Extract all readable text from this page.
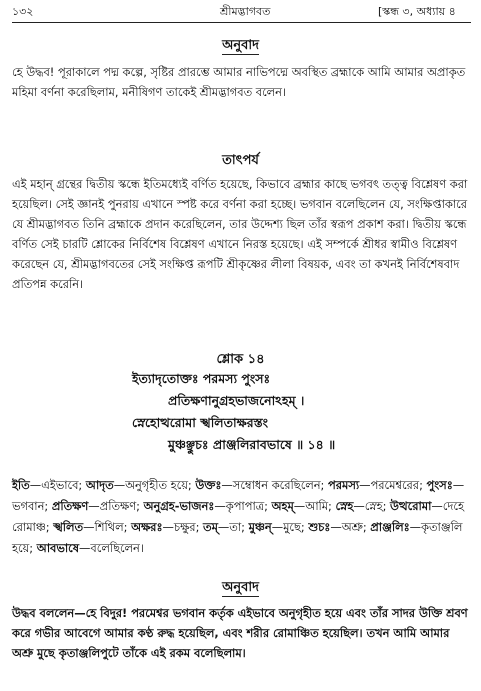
১৩২	শ্রীমদ্ভাগবত	[স্কন্ধ ৩, অধ্যায় ৪
অনুবাদ
হে উদ্ধব! পূরাকালে পদ্ম কল্পে, সৃষ্টির প্রারম্ভে আমার নাভিপদ্মে অবস্থিত ব্রহ্মাকে আমি আমার অপ্রাকৃত মহিমা বর্ণনা করেছিলাম, মনীষিগণ তাকেই শ্রীমদ্ভাগবত বলেন।
তাৎপর্য
এই মহান্ গ্রন্থের দ্বিতীয় স্কন্ধে ইতিমধ্যেই বর্ণিত হয়েছে, কিভাবে ব্রহ্মার কাছে ভগবৎ তত্ত্ব বিশ্লেষণ করা হয়েছিল। সেই জ্ঞানই পুনরায় এখানে স্পষ্ট করে বর্ণনা করা হচ্ছে। ভগবান বলেছিলেন যে, সংক্ষিপ্তাকারে যে শ্রীমদ্ভাগবত তিনি ব্রহ্মাকে প্রদান করেছিলেন, তার উদ্দেশ্য ছিল তাঁর স্বরূপ প্রকাশ করা। দ্বিতীয় স্কন্ধে বর্ণিত সেই চারটি শ্লোকের নির্বিশেষ বিশ্লেষণ এখানে নিরস্ত হয়েছে। এই সম্পর্কে শ্রীধর স্বামীও বিশ্লেষণ করেছেন যে, শ্রীমদ্ভাগবতের সেই সংক্ষিপ্ত রূপটি শ্রীকৃষ্ণের লীলা বিষয়ক, এবং তা কখনই নির্বিশেষবাদ প্রতিপন্ন করেনি।
শ্লোক ১৪
ইত্যাদৃতোক্তঃ পরমস্য পুংসঃ
প্রতিক্ষণানুগ্রহভাজনোঽহম্ ।
স্নেহোত্থরোমা স্খলিতাক্ষরস্তং
মুঞ্চঞ্ছুচঃ প্রাঞ্জলিরাবভাষে ॥ ১৪ ॥
ইতি—এইভাবে; আদৃত—অনুগৃহীত হয়ে; উক্তঃ—সম্বোধন করেছিলেন; পরমস্য—পরমেশ্বরের; পুংসঃ—ভগবান; প্রতিক্ষণ—প্রতিক্ষণ; অনুগ্রহ-ভাজনঃ—কৃপাপাত্র; অহম্—আমি; স্নেহ—স্নেহ; উত্থরোমা—দেহে রোমাঞ্চ; স্খলিত—শিথিল; অক্ষরঃ—চক্ষুর; তম্—তা; মুঞ্চন্—মুছে; শুচঃ—অশ্রু; প্রাঞ্জলিঃ—কৃতাঞ্জলি হয়ে; আবভাষে—বলেছিলেন।
অনুবাদ
উদ্ধব বললেন—হে বিদুর! পরমেশ্বর ভগবান কর্তৃক এইভাবে অনুগৃহীত হয়ে এবং তাঁর সাদর উক্তি শ্রবণ করে গভীর আবেগে আমার কণ্ঠ রুদ্ধ হয়েছিল, এবং শরীর রোমাঞ্চিত হয়েছিল। তখন আমি আমার অশ্রু মুছে কৃতাঞ্জলিপুটে তাঁকে এই রকম বলেছিলাম।
